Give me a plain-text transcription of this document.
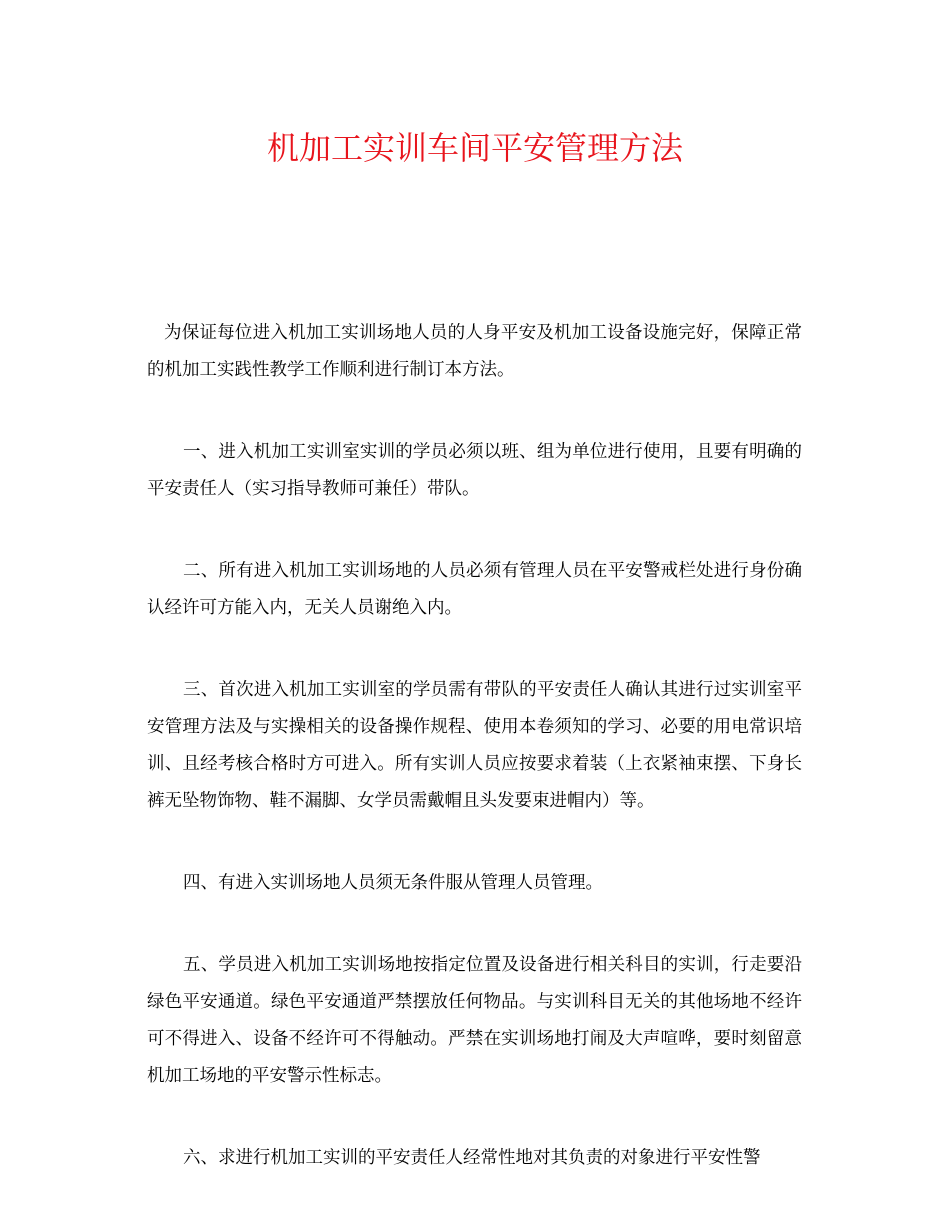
机加工实训车间平安管理方法

为保证每位进入机加工实训场地人员的人身平安及机加工设备设施完好，保障正常的机加工实践性教学工作顺利进行制订本方法。

一、进入机加工实训室实训的学员必须以班、组为单位进行使用，且要有明确的平安责任人（实习指导教师可兼任）带队。

二、所有进入机加工实训场地的人员必须有管理人员在平安警戒栏处进行身份确认经许可方能入内，无关人员谢绝入内。

三、首次进入机加工实训室的学员需有带队的平安责任人确认其进行过实训室平安管理方法及与实操相关的设备操作规程、使用本卷须知的学习、必要的用电常识培训、且经考核合格时方可进入。所有实训人员应按要求着装（上衣紧袖束摆、下身长裤无坠物饰物、鞋不漏脚、女学员需戴帽且头发要束进帽内）等。

四、有进入实训场地人员须无条件服从管理人员管理。

五、学员进入机加工实训场地按指定位置及设备进行相关科目的实训，行走要沿绿色平安通道。绿色平安通道严禁摆放任何物品。与实训科目无关的其他场地不经许可不得进入、设备不经许可不得触动。严禁在实训场地打闹及大声喧哗，要时刻留意机加工场地的平安警示性标志。

六、求进行机加工实训的平安责任人经常性地对其负责的对象进行平安性警
